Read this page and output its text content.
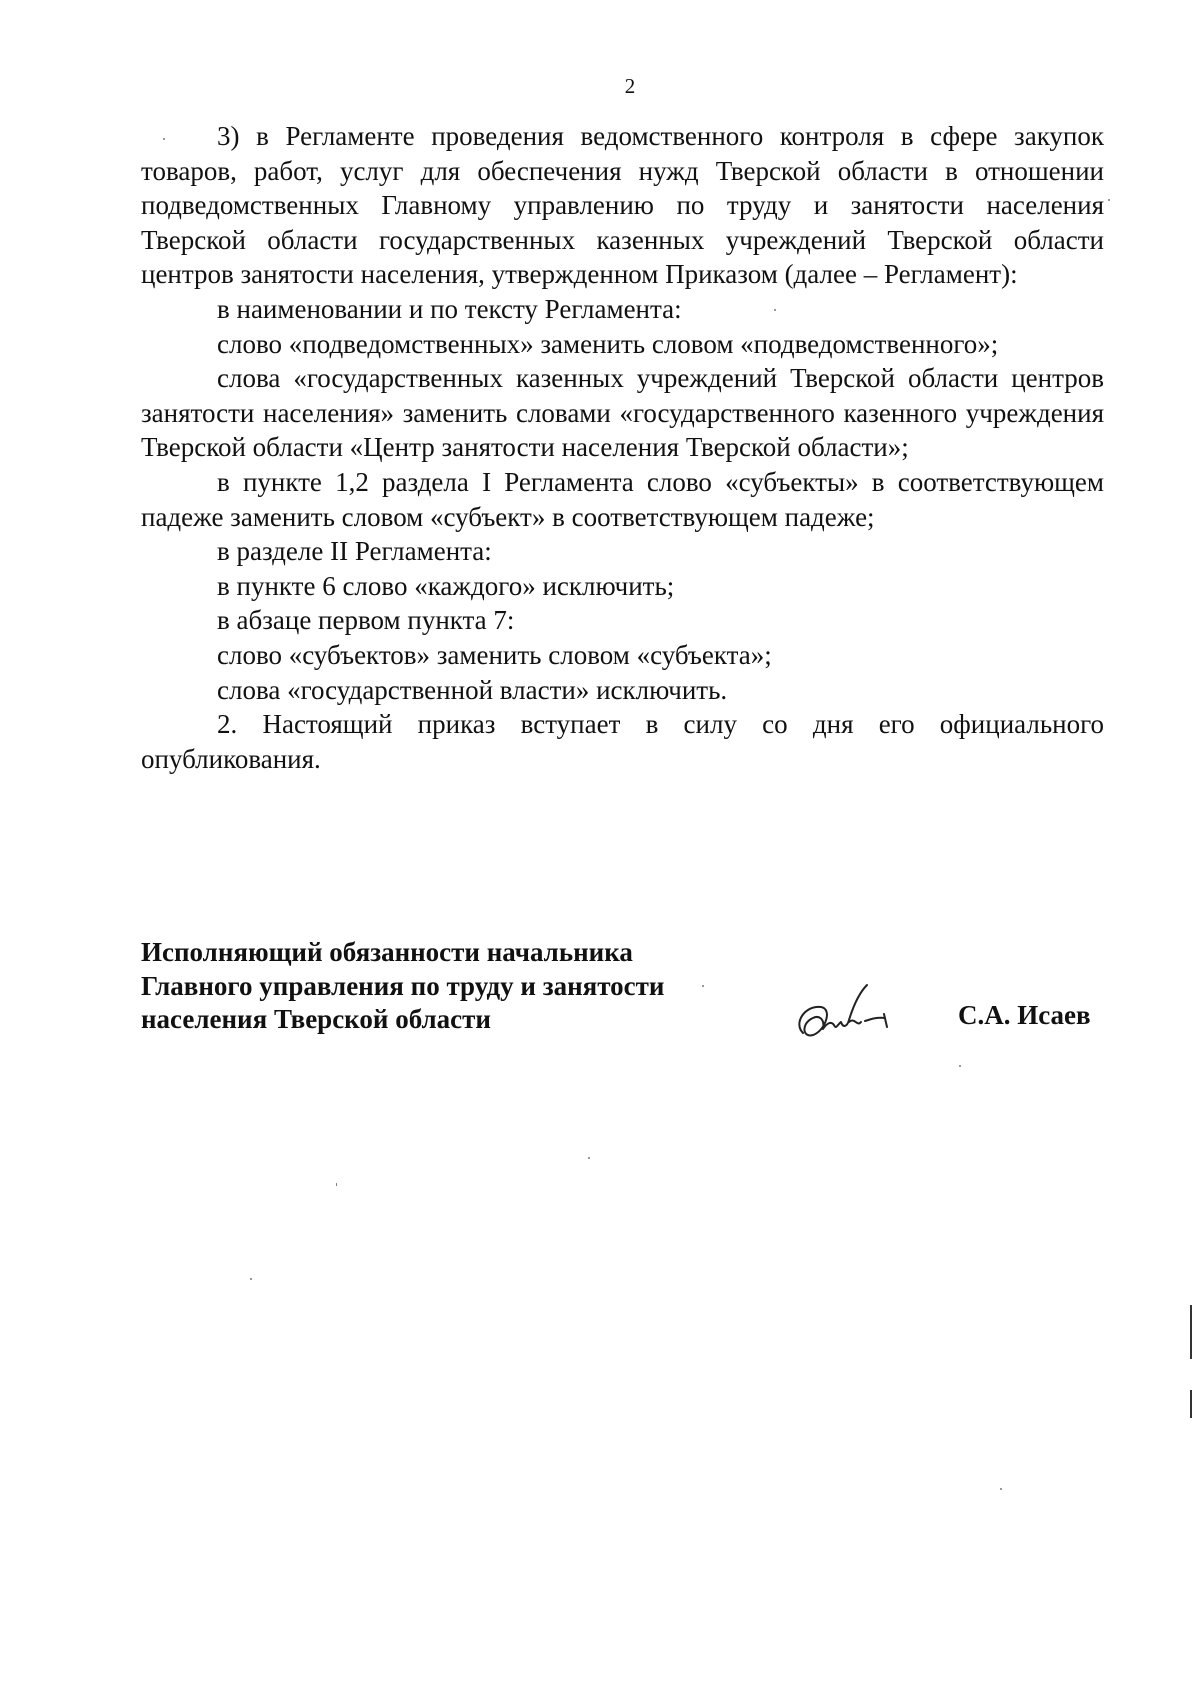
2

3) в Регламенте проведения ведомственного контроля в сфере закупок товаров, работ, услуг для обеспечения нужд Тверской области в отношении подведомственных Главному управлению по труду и занятости населения Тверской области государственных казенных учреждений Тверской области центров занятости населения, утвержденном Приказом (далее – Регламент):

в наименовании и по тексту Регламента:

слово «подведомственных» заменить словом «подведомственного»;

слова «государственных казенных учреждений Тверской области центров занятости населения» заменить словами «государственного казенного учреждения Тверской области «Центр занятости населения Тверской области»;

в пункте 1,2 раздела I Регламента слово «субъекты» в соответствующем падеже заменить словом «субъект» в соответствующем падеже;

в разделе II Регламента:

в пункте 6 слово «каждого» исключить;

в абзаце первом пункта 7:

слово «субъектов» заменить словом «субъекта»;

слова «государственной власти» исключить.

2. Настоящий приказ вступает в силу со дня его официального опубликования.

Исполняющий обязанности начальника
Главного управления по труду и занятости
населения Тверской области	С.А. Исаев
